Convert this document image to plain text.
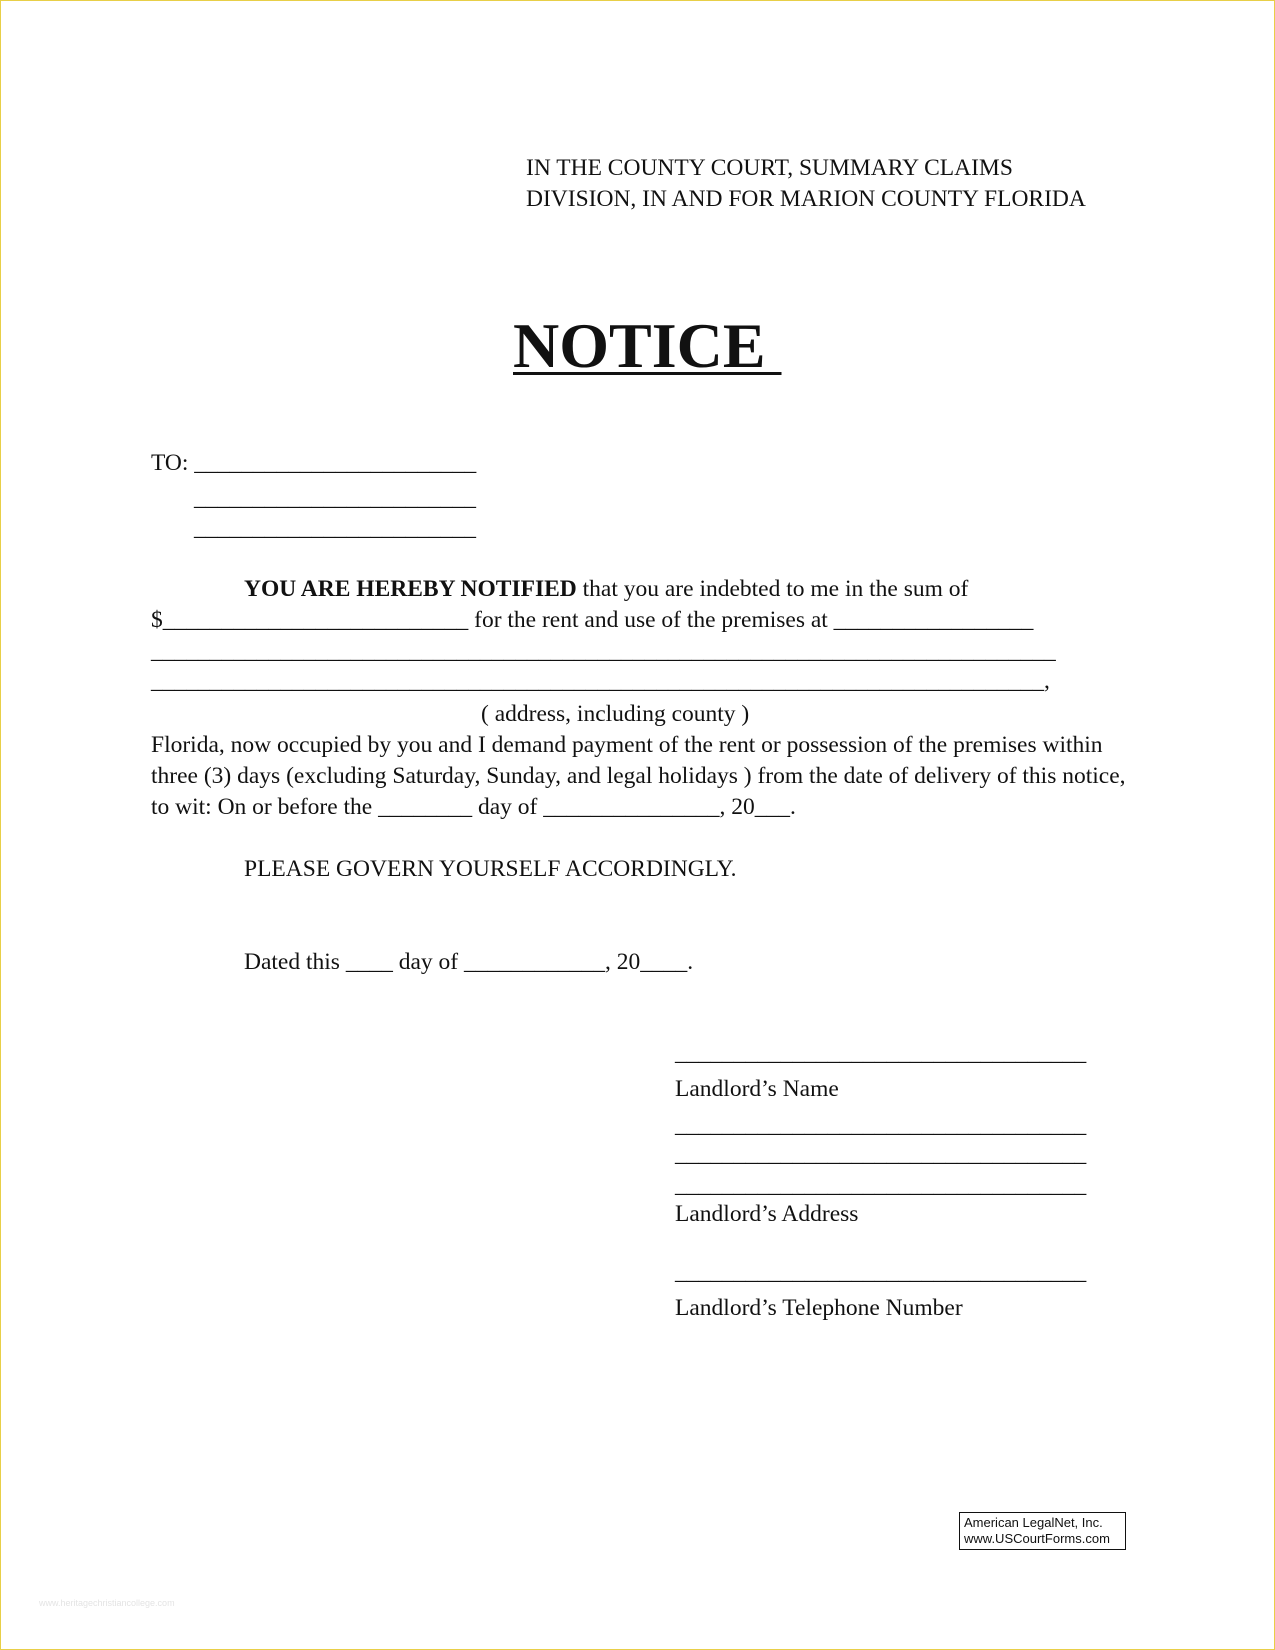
IN THE COUNTY COURT, SUMMARY CLAIMS
DIVISION, IN AND FOR MARION COUNTY FLORIDA
NOTICE
TO: ________________________
________________________
________________________
YOU ARE HEREBY NOTIFIED that you are indebted to me in the sum of
$__________________________ for the rent and use of the premises at _________________
_____________________________________________________________________________
____________________________________________________________________________,
( address, including county )
Florida, now occupied by you and I demand payment of the rent or possession of the premises within
three (3) days (excluding Saturday, Sunday, and legal holidays ) from the date of delivery of this notice,
to wit: On or before the ________ day of _______________, 20___.
PLEASE GOVERN YOURSELF ACCORDINGLY.
Dated this ____ day of ____________, 20____.
___________________________________
Landlord’s Name
___________________________________
___________________________________
___________________________________
Landlord’s Address
___________________________________
Landlord’s Telephone Number
American LegalNet, Inc.
www.USCourtForms.com
www.heritagechristiancollege.com
